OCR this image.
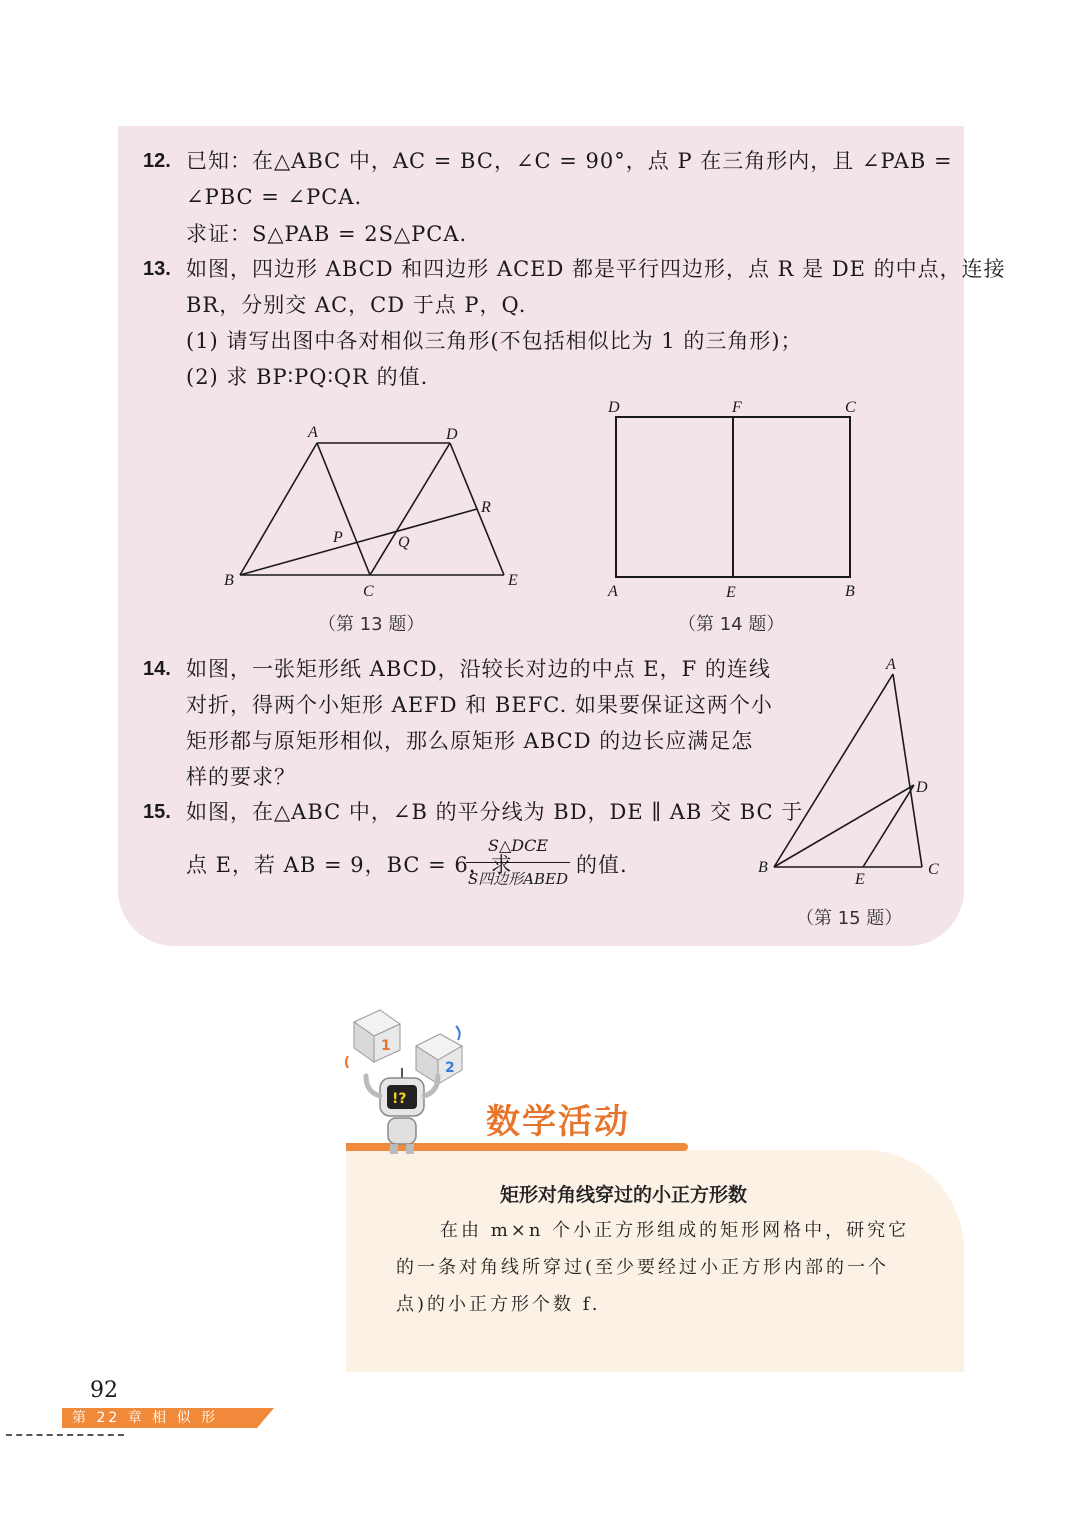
12. 已知：在△ABC 中，AC = BC，∠C = 90°，点 P 在三角形内，且 ∠PAB =
∠PBC = ∠PCA.
求证：S△PAB = 2S△PCA.
13. 如图，四边形 ABCD 和四边形 ACED 都是平行四边形，点 R 是 DE 的中点，连接
BR，分别交 AC，CD 于点 P，Q.
(1) 请写出图中各对相似三角形(不包括相似比为 1 的三角形)；
(2) 求 BP∶PQ∶QR 的值.
A	D
B
C
E
P	Q
R
（第 13 题）
D	F	C
A	E	B
（第 14 题）
14. 如图，一张矩形纸 ABCD，沿较长对边的中点 E，F 的连线
对折，得两个小矩形 AEFD 和 BEFC. 如果要保证这两个小
矩形都与原矩形相似，那么原矩形 ABCD 的边长应满足怎
样的要求？
15. 如图，在△ABC 中，∠B 的平分线为 BD，DE ∥ AB 交 BC 于
点 E，若 AB = 9，BC = 6，求
S△DCE
S四边形ABED
的值.
A
D
B
E
C
（第 15 题）
1
2
!?
数学活动
矩形对角线穿过的小正方形数
在由 m×n 个小正方形组成的矩形网格中，研究它
的一条对角线所穿过(至少要经过小正方形内部的一个
点)的小正方形个数 f.
92
第 22 章 相 似 形
